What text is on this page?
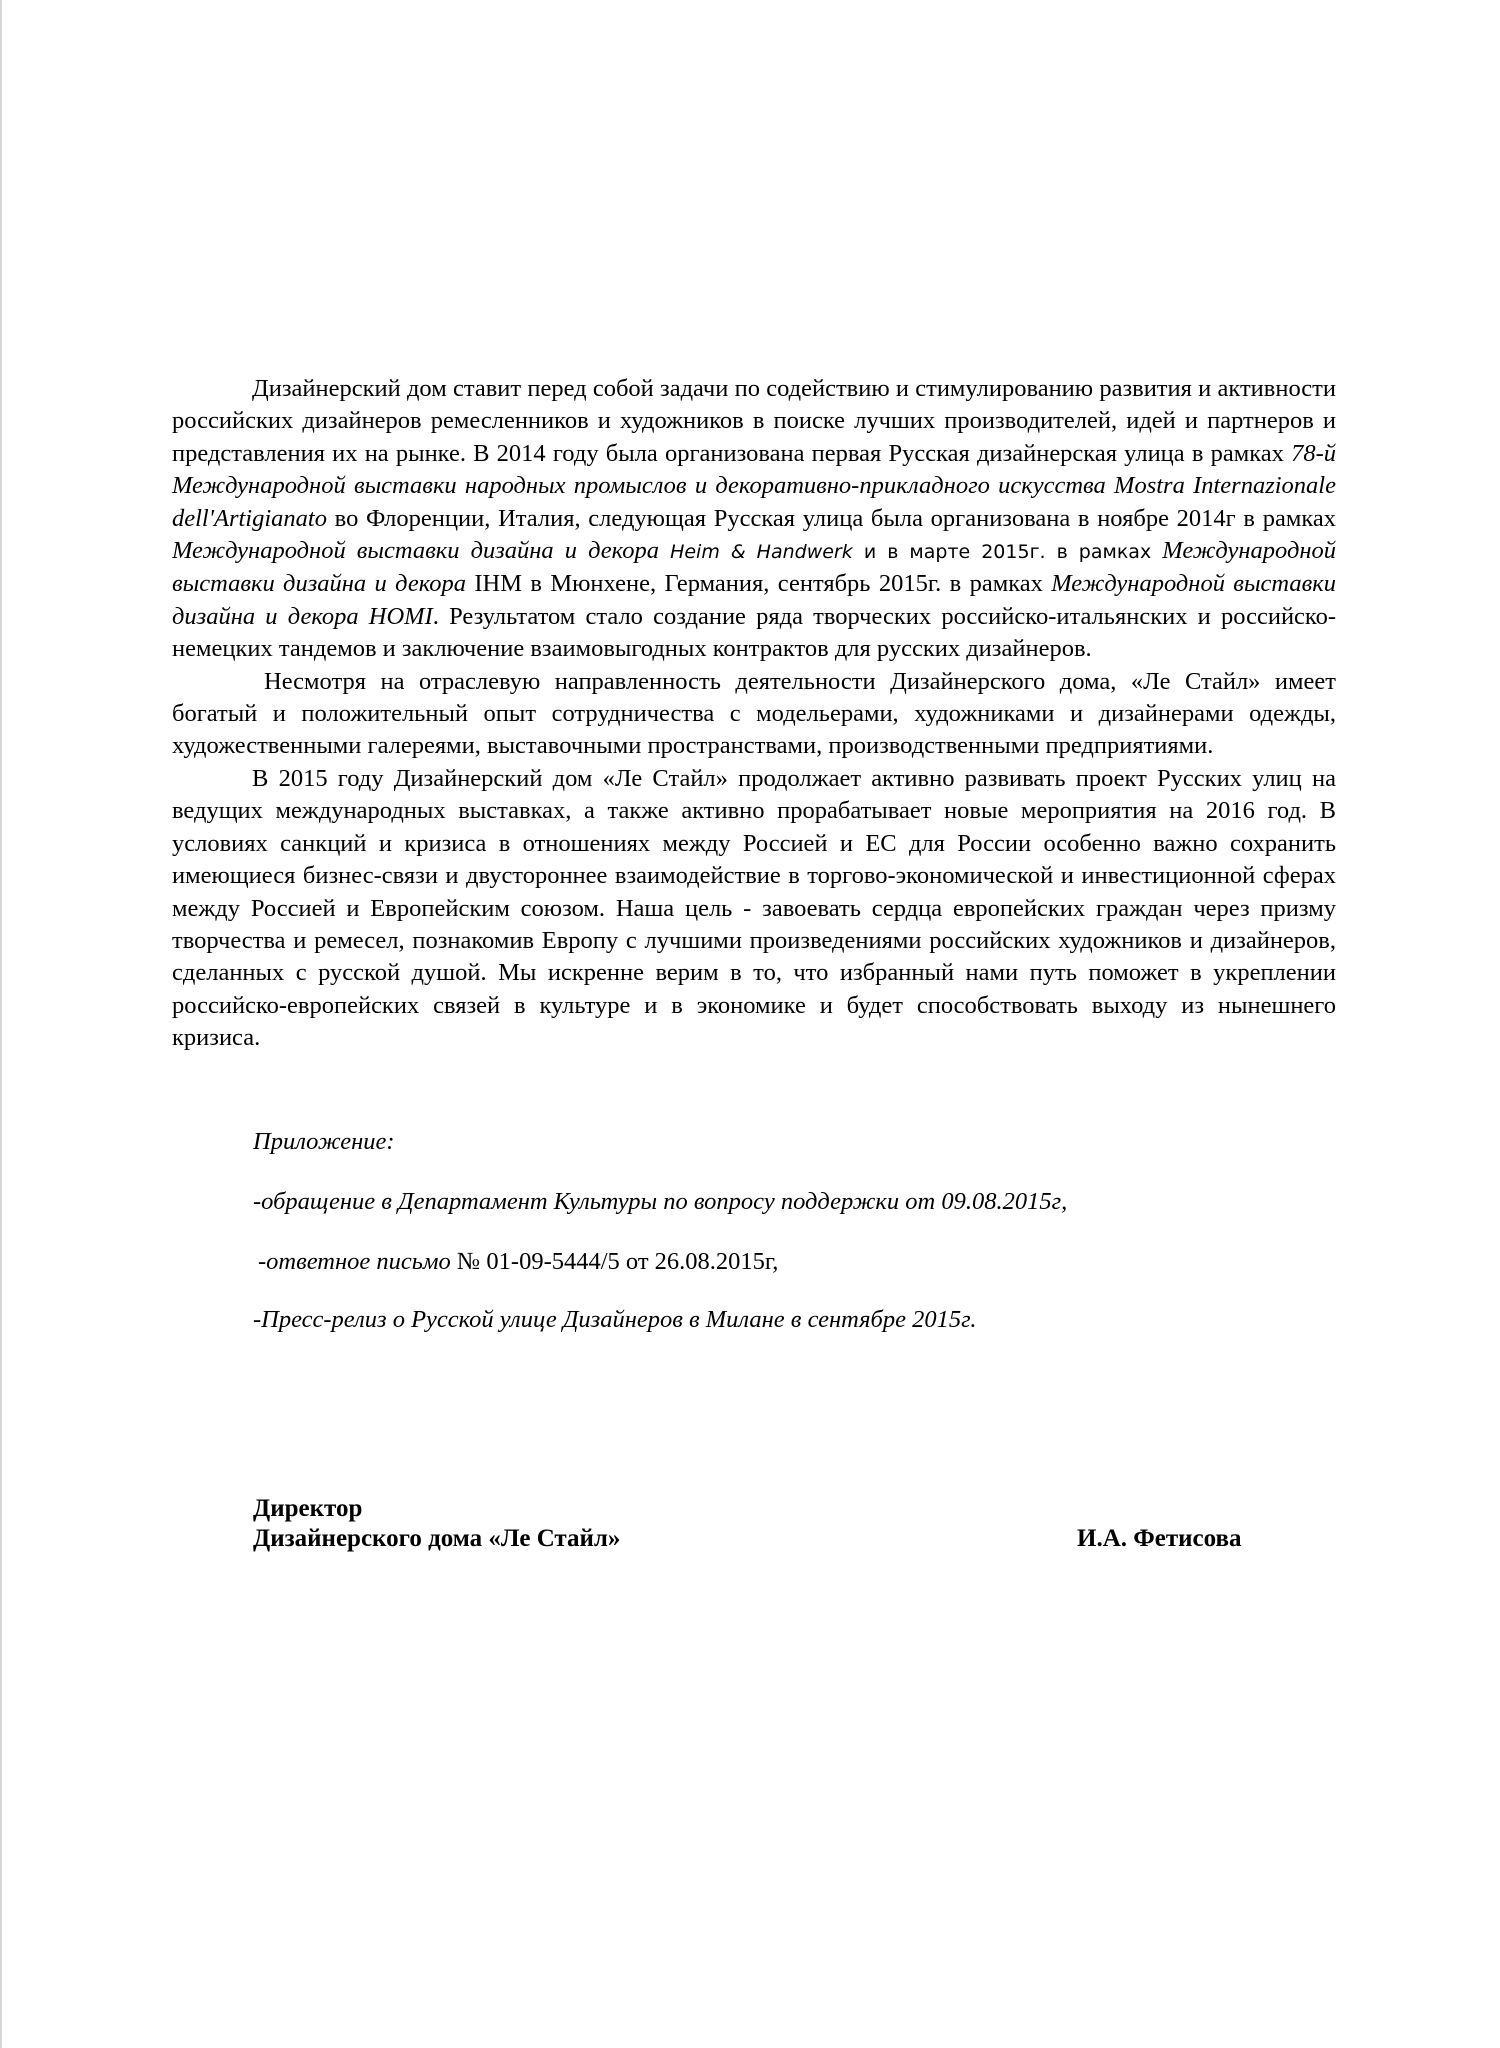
Дизайнерский дом ставит перед собой задачи по содействию и стимулированию развития и активности российских дизайнеров ремесленников и художников в поиске лучших производителей, идей и партнеров и представления их на рынке. В 2014 году была организована первая Русская дизайнерская улица в рамках 78-й Международной выставки народных промыслов и декоративно-прикладного искусства Mostra Internazionale dell'Artigianato во Флоренции, Италия, следующая Русская улица была организована в ноябре 2014г в рамках Международной выставки дизайна и декора Heim & Handwerk и в марте 2015г. в рамках Международной выставки дизайна и декора IHM в Мюнхене, Германия, сентябрь 2015г. в рамках Международной выставки дизайна и декора HOMI. Результатом стало создание ряда творческих российско-итальянских и российско-немецких тандемов и заключение взаимовыгодных контрактов для русских дизайнеров.

Несмотря на отраслевую направленность деятельности Дизайнерского дома, «Ле Стайл» имеет богатый и положительный опыт сотрудничества с модельерами, художниками и дизайнерами одежды, художественными галереями, выставочными пространствами, производственными предприятиями.

В 2015 году Дизайнерский дом «Ле Стайл» продолжает активно развивать проект Русских улиц на ведущих международных выставках, а также активно прорабатывает новые мероприятия на 2016 год. В условиях санкций и кризиса в отношениях между Россией и ЕС для России особенно важно сохранить имеющиеся бизнес-связи и двустороннее взаимодействие в торгово-экономической и инвестиционной сферах между Россией и Европейским союзом. Наша цель - завоевать сердца европейских граждан через призму творчества и ремесел, познакомив Европу с лучшими произведениями российских художников и дизайнеров, сделанных с русской душой. Мы искренне верим в то, что избранный нами путь поможет в укреплении российско-европейских связей в культуре и в экономике и будет способствовать выходу из нынешнего кризиса.

Приложение:
-обращение в Департамент Культуры по вопросу поддержки от 09.08.2015г,
-ответное письмо № 01-09-5444/5 от 26.08.2015г,
-Пресс-релиз о Русской улице Дизайнеров в Милане в сентябре 2015г.
Директор
Дизайнерского дома «Ле Стайл»	И.А. Фетисова
